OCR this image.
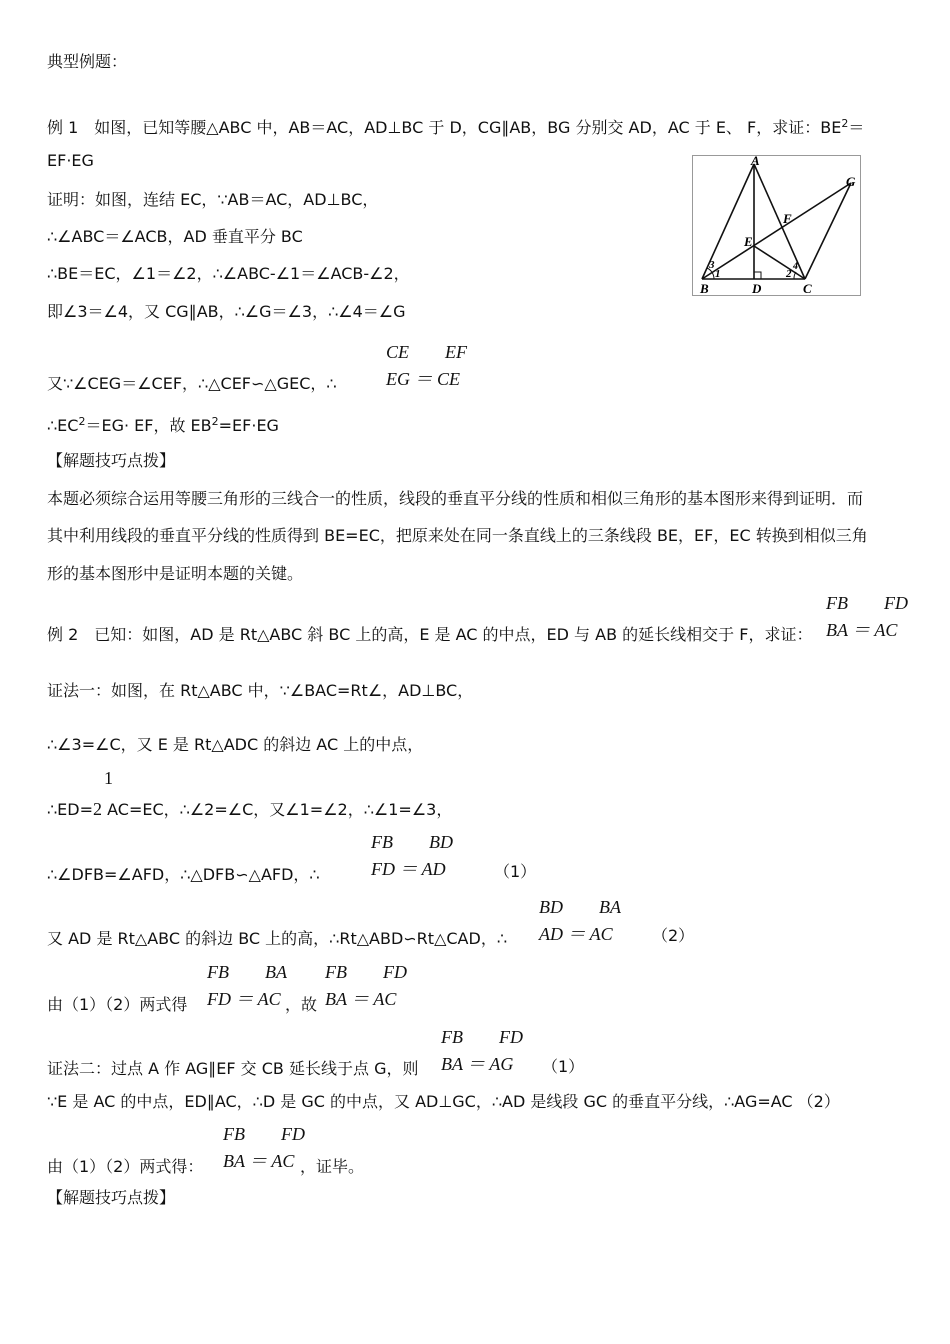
典型例题：
例 1　如图，已知等腰△ABC 中，AB＝AC，AD⊥BC 于 D，CG∥AB，BG 分别交 AD，AC 于 E、 F，求证：$BE^2=$
EF·EG
证明：如图，连结 EC，∵AB＝AC，AD⊥BC，
∴∠ABC＝∠ACB，AD 垂直平分 BC
∴BE＝EC，∠1＝∠2，∴∠ABC-∠1＝∠ACB-∠2，
即∠3＝∠4，又 CG∥AB，∴∠G＝∠3，∴∠4＝∠G
CE　　EF
又∵∠CEG＝∠CEF，∴△CEF∽△GEC，∴	EG ＝ CE
$\therefore EC^2=EG\cdot$ EF，故 $EB^2=EF\cdot EG$
【解题技巧点拨】
本题必须综合运用等腰三角形的三线合一的性质，线段的垂直平分线的性质和相似三角形的基本图形来得到证明．而
其中利用线段的垂直平分线的性质得到 BE=EC，把原来处在同一条直线上的三条线段 BE，EF，EC 转换到相似三角
形的基本图形中是证明本题的关键。
A
G
F
E
B	D	C
3
1	2
4
FB　　FD
例 2　已知：如图，AD 是 Rt△ABC 斜 BC 上的高，E 是 AC 的中点，ED 与 AB 的延长线相交于 F，求证： BA ＝ AC
证法一：如图，在 Rt△ABC 中，∵∠BAC=Rt∠，AD⊥BC，
∴∠3=∠C，又 E 是 Rt△ADC 的斜边 AC 上的中点，
1
∴ED=2 AC=EC，∴∠2=∠C，又∠1=∠2，∴∠1=∠3，
FB　　BD
∴∠DFB=∠AFD，∴△DFB∽△AFD，∴	FD ＝ AD	（1）
BD　　BA
又 AD 是 Rt△ABC 的斜边 BC 上的高，∴Rt△ABD∽Rt△CAD，∴ AD ＝ AC （2）
FB　　BA FB　　FD
由（1）（2）两式得 FD ＝ AC ，故 BA ＝ AC
FB　　FD
证法二：过点 A 作 AG∥EF 交 CB 延长线于点 G，则 BA ＝ AG （1）
∵E 是 AC 的中点，ED∥AC，∴D 是 GC 的中点，又 AD⊥GC，∴AD 是线段 GC 的垂直平分线，∴AG=AC （2）
FB　　FD
由（1）（2）两式得： BA ＝ AC ，证毕。
【解题技巧点拨】
